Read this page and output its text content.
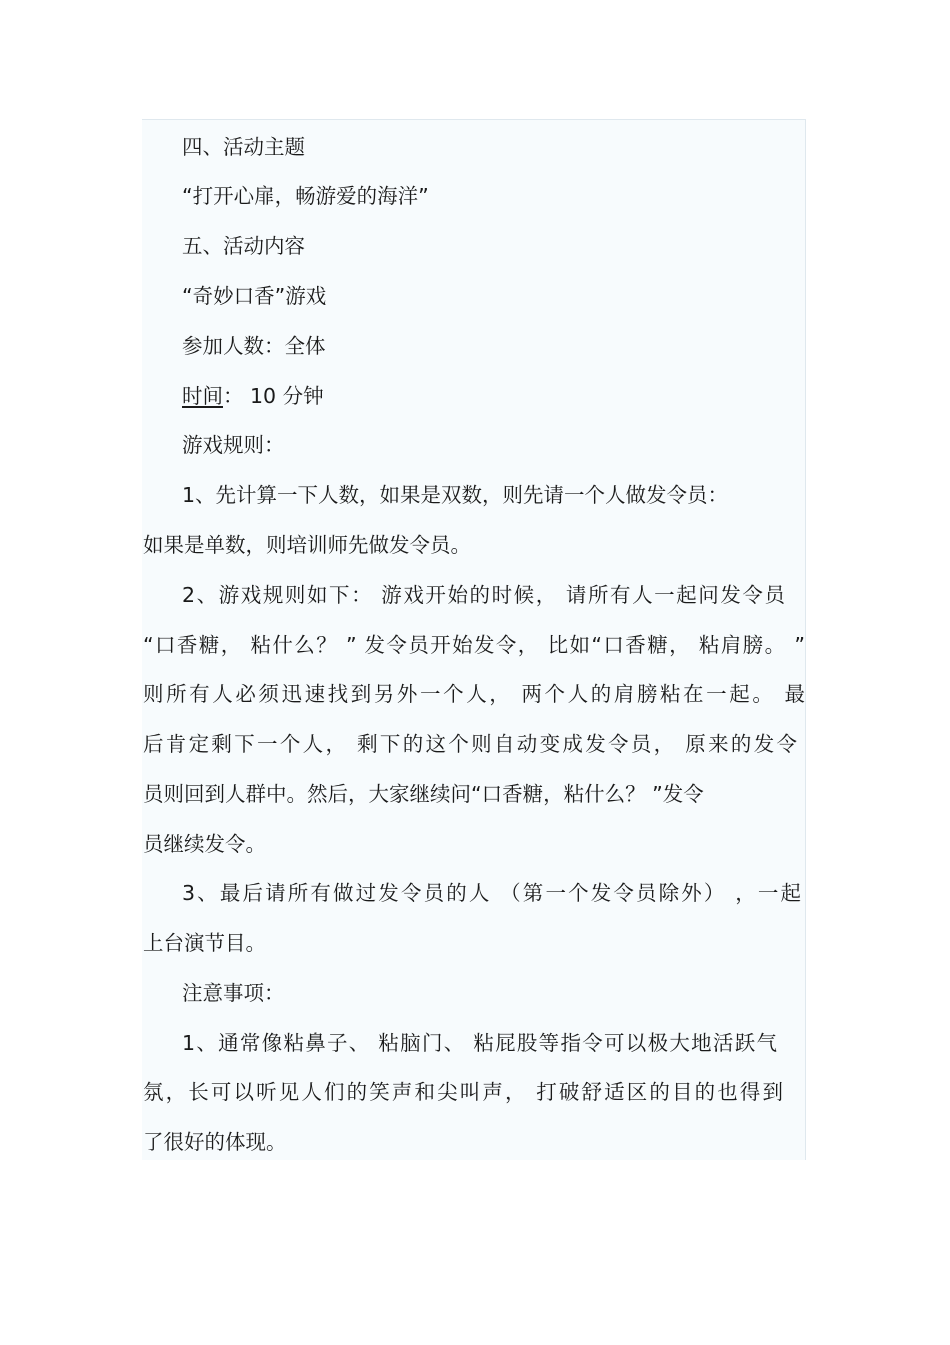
四、活动主题
“打开心扉，畅游爱的海洋”
五、活动内容
“奇妙口香”游戏
参加人数：全体
时间： 10 分钟
游戏规则：
1、先计算一下人数，如果是双数，则先请一个人做发令员：
如果是单数，则培训师先做发令员。
2、游戏规则如下： 游戏开始的时候， 请所有人一起问发令员
“口香糖， 粘什么？ ” 发令员开始发令， 比如“口香糖， 粘肩膀。 ”
则所有人必须迅速找到另外一个人， 两个人的肩膀粘在一起。 最
后肯定剩下一个人， 剩下的这个则自动变成发令员， 原来的发令
员则回到人群中。然后，大家继续问“口香糖，粘什么？ ”发令
员继续发令。
3、最后请所有做过发令员的人 （第一个发令员除外） ，一起
上台演节目。
注意事项：
1、通常像粘鼻子、 粘脑门、 粘屁股等指令可以极大地活跃气
氛，长可以听见人们的笑声和尖叫声， 打破舒适区的目的也得到
了很好的体现。
